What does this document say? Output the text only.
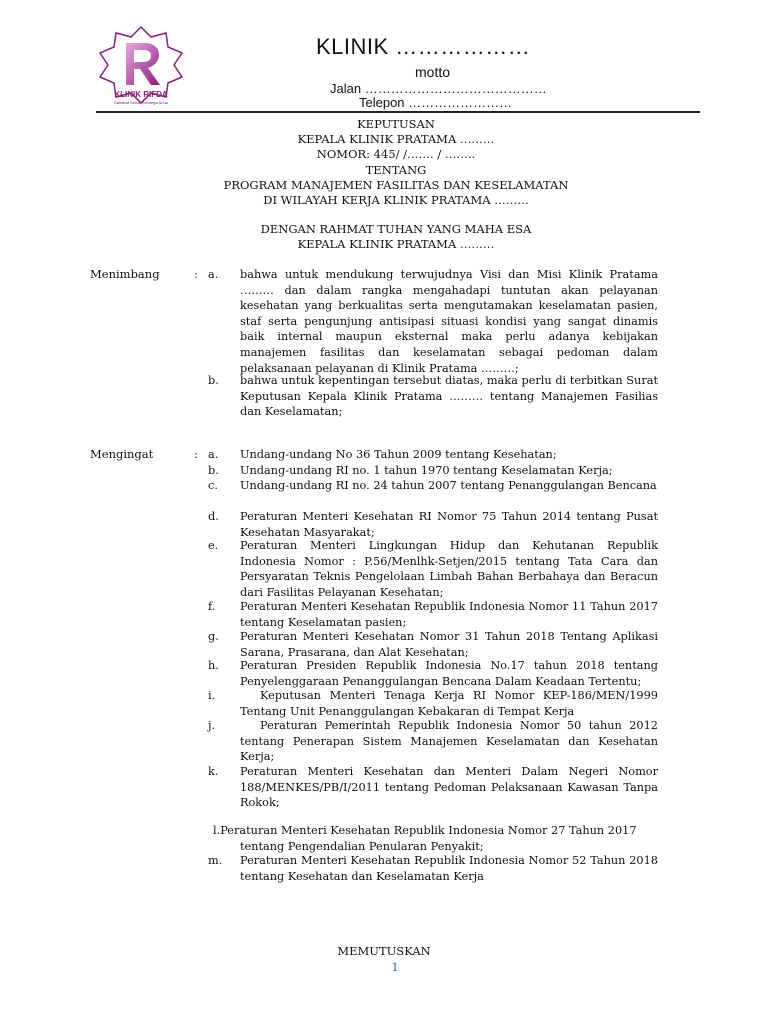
KLINIK RIFDA
Sahabat Sehat Keluarga Anda
KLINIK ………………
motto
Jalan ……………………………………
Telepon ……………………
KEPUTUSAN
KEPALA KLINIK PRATAMA ………
NOMOR: 445/ /……. / ……..
TENTANG
PROGRAM MANAJEMEN FASILITAS DAN KESELAMATAN
DI WILAYAH KERJA KLINIK PRATAMA ………
DENGAN RAHMAT TUHAN YANG MAHA ESA
KEPALA KLINIK PRATAMA ………
Menimbang	: a. bahwa untuk mendukung terwujudnya Visi dan Misi Klinik Pratama ……… dan dalam rangka mengahadapi tuntutan akan pelayanan kesehatan yang berkualitas serta mengutamakan keselamatan pasien, staf serta pengunjung antisipasi situasi kondisi yang sangat dinamis baik internal maupun eksternal maka perlu adanya kebijakan manajemen fasilitas dan keselamatan sebagai pedoman dalam pelaksanaan pelayanan di Klinik Pratama ………;
b. bahwa untuk kepentingan tersebut diatas, maka perlu di terbitkan Surat Keputusan Kepala Klinik Pratama ……… tentang Manajemen Fasilias dan Keselamatan;
Mengingat	: a. Undang-undang No 36 Tahun 2009 tentang Kesehatan;
b. Undang-undang RI no. 1 tahun 1970 tentang Keselamatan Kerja;
c. Undang-undang RI no. 24 tahun 2007 tentang Penanggulangan Bencana
d. Peraturan Menteri Kesehatan RI Nomor 75 Tahun 2014 tentang Pusat Kesehatan Masyarakat;
e. Peraturan Menteri Lingkungan Hidup dan Kehutanan Republik Indonesia Nomor : P.56/Menlhk-Setjen/2015 tentang Tata Cara dan Persyaratan Teknis Pengelolaan Limbah Bahan Berbahaya dan Beracun dari Fasilitas Pelayanan Kesehatan;
f. Peraturan Menteri Kesehatan Republik Indonesia Nomor 11 Tahun 2017 tentang Keselamatan pasien;
g. Peraturan Menteri Kesehatan Nomor 31 Tahun 2018 Tentang Aplikasi Sarana, Prasarana, dan Alat Kesehatan;
h. Peraturan Presiden Republik Indonesia No.17 tahun 2018 tentang Penyelenggaraan Penanggulangan Bencana Dalam Keadaan Tertentu;
i.	Keputusan Menteri Tenaga Kerja RI Nomor KEP-186/MEN/1999 Tentang Unit Penanggulangan Kebakaran di Tempat Kerja
j.	Peraturan Pemerintah Republik Indonesia Nomor 50 tahun 2012 tentang Penerapan Sistem Manajemen Keselamatan dan Kesehatan Kerja;
k. Peraturan Menteri Kesehatan dan Menteri Dalam Negeri Nomor 188/MENKES/PB/I/2011 tentang Pedoman Pelaksanaan Kawasan Tanpa Rokok;
l.Peraturan Menteri Kesehatan Republik Indonesia Nomor 27 Tahun 2017
tentang Pengendalian Penularan Penyakit;
m. Peraturan Menteri Kesehatan Republik Indonesia Nomor 52 Tahun 2018 tentang Kesehatan dan Keselamatan Kerja
MEMUTUSKAN
1
